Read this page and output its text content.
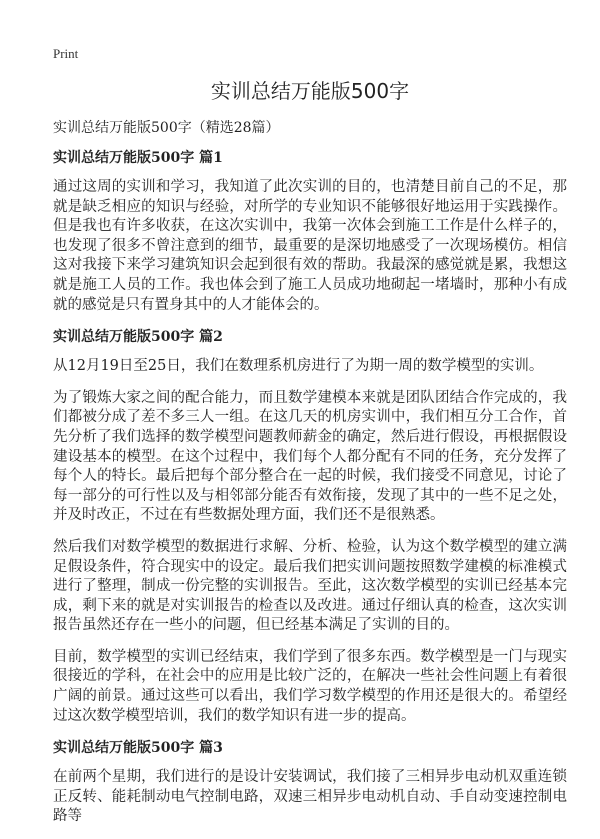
Print
实训总结万能版500字
实训总结万能版500字（精选28篇）
实训总结万能版500字 篇1

通过这周的实训和学习，我知道了此次实训的目的，也清楚目前自己的不足，那就是缺乏相应的知识与经验，对所学的专业知识不能够很好地运用于实践操作。但是我也有许多收获，在这次实训中，我第一次体会到施工工作是什么样子的，也发现了很多不曾注意到的细节，最重要的是深切地感受了一次现场模仿。相信这对我接下来学习建筑知识会起到很有效的帮助。我最深的感觉就是累，我想这就是施工人员的工作。我也体会到了施工人员成功地砌起一堵墙时，那种小有成就的感觉是只有置身其中的人才能体会的。

实训总结万能版500字 篇2

从12月19日至25日，我们在数理系机房进行了为期一周的数学模型的实训。

为了锻炼大家之间的配合能力，而且数学建模本来就是团队团结合作完成的，我们都被分成了差不多三人一组。在这几天的机房实训中，我们相互分工合作，首先分析了我们选择的数学模型问题教师薪金的确定，然后进行假设，再根据假设建设基本的模型。在这个过程中，我们每个人都分配有不同的任务，充分发挥了每个人的特长。最后把每个部分整合在一起的时候，我们接受不同意见，讨论了每一部分的可行性以及与相邻部分能否有效衔接，发现了其中的一些不足之处，并及时改正，不过在有些数据处理方面，我们还不是很熟悉。

然后我们对数学模型的数据进行求解、分析、检验，认为这个数学模型的建立满足假设条件，符合现实中的设定。最后我们把实训问题按照数学建模的标准模式进行了整理，制成一份完整的实训报告。至此，这次数学模型的实训已经基本完成，剩下来的就是对实训报告的检查以及改进。通过仔细认真的检查，这次实训报告虽然还存在一些小的问题，但已经基本满足了实训的目的。

目前，数学模型的实训已经结束，我们学到了很多东西。数学模型是一门与现实很接近的学科，在社会中的应用是比较广泛的，在解决一些社会性问题上有着很广阔的前景。通过这些可以看出，我们学习数学模型的作用还是很大的。希望经过这次数学模型培训，我们的数学知识有进一步的提高。

实训总结万能版500字 篇3

在前两个星期，我们进行的是设计安装调试，我们接了三相异步电动机双重连锁正反转、能耗制动电气控制电路，双速三相异步电动机自动、手自动变速控制电路等
